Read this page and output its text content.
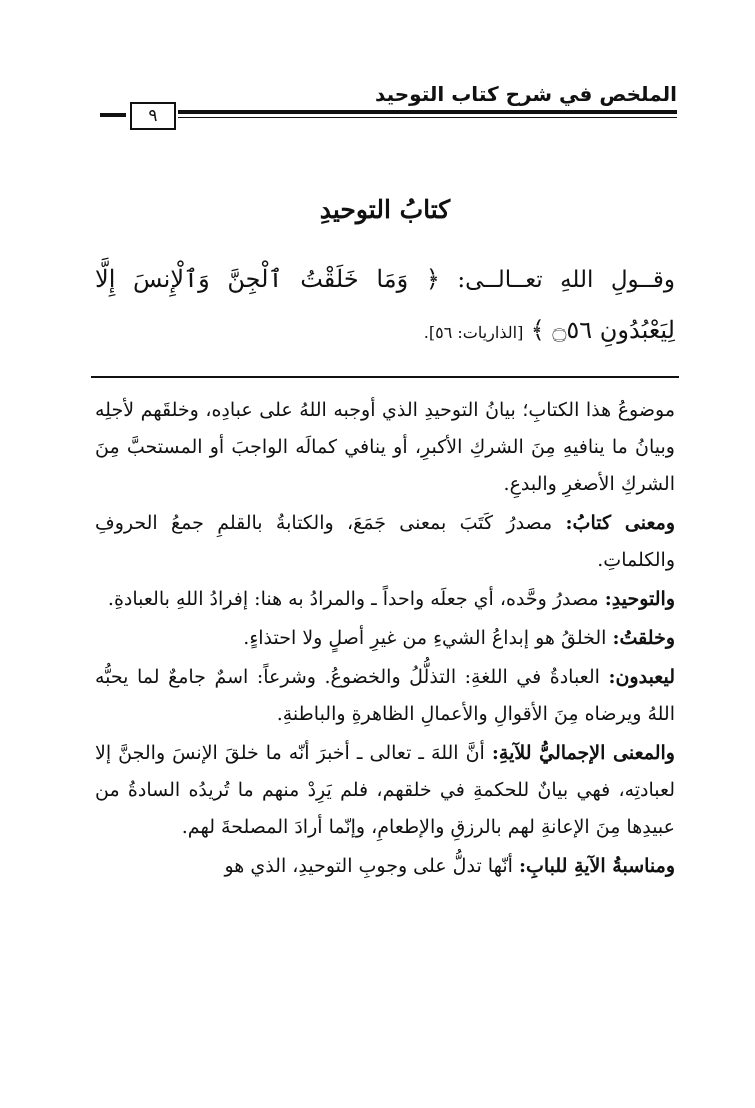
الملخص في شرح كتاب التوحيد
٩
كتابُ التوحيدِ

وقــولِ اللهِ تعــالــى: ﴿ وَمَا خَلَقْتُ ٱلْجِنَّ وَٱلْإِنسَ إِلَّا لِيَعْبُدُونِ ۝٥٦ ﴾ [الذاريات: ٥٦].

موضوعُ هذا الكتابِ؛ بيانُ التوحيدِ الذي أوجبه اللهُ على عبادِه، وخلقَهم لأجلِه وبيانُ ما ينافيهِ مِنَ الشركِ الأكبرِ، أو ينافي كمالَه الواجبَ أو المستحبَّ مِنَ الشركِ الأصغرِ والبدعِ.

ومعنى كتابُ: مصدرُ كَتَبَ بمعنى جَمَعَ، والكتابةُ بالقلمِ جمعُ الحروفِ والكلماتِ.

والتوحيدِ: مصدرُ وحَّده، أي جعلَه واحداً ـ والمرادُ به هنا: إفرادُ اللهِ بالعبادةِ.

وخلقتُ: الخلقُ هو إبداعُ الشيءِ من غيرِ أصلٍ ولا احتذاءٍ.

ليعبدون: العبادةُ في اللغةِ: التذلُّلُ والخضوعُ. وشرعاً: اسمٌ جامعٌ لما يحبُّه اللهُ ويرضاه مِنَ الأقوالِ والأعمالِ الظاهرةِ والباطنةِ.

والمعنى الإجماليُّ للآيةِ: أنَّ اللهَ ـ تعالى ـ أخبرَ أنّه ما خلقَ الإنسَ والجنَّ إلا لعبادتِه، فهي بيانٌ للحكمةِ في خلقهم، فلم يَرِدْ منهم ما تُريدُه السادةُ من عبيدِها مِنَ الإعانةِ لهم بالرزقِ والإطعامِ، وإنّما أرادَ المصلحةَ لهم.

ومناسبةُ الآيةِ للبابِ: أنّها تدلُّ على وجوبِ التوحيدِ، الذي هو
